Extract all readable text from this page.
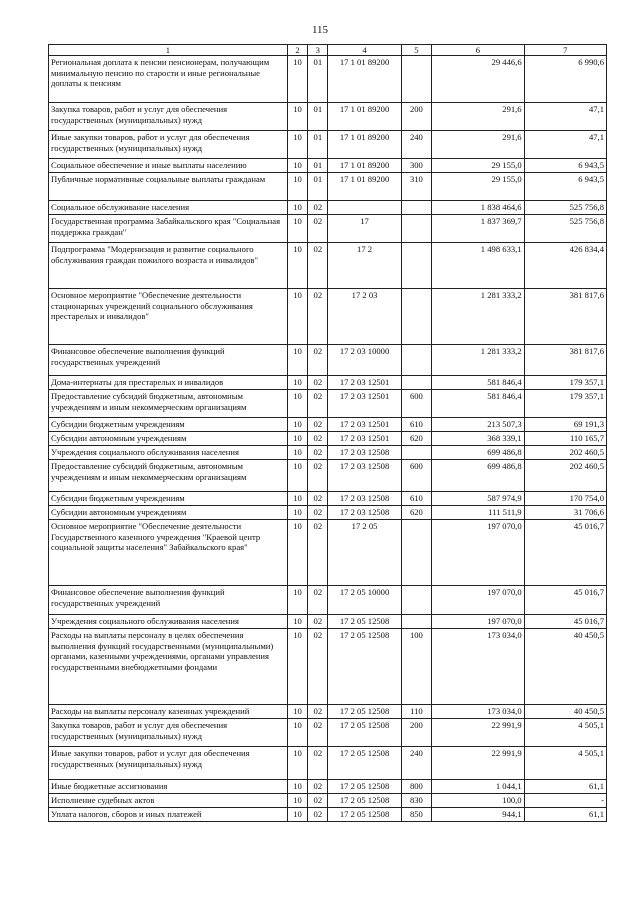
115
1	2	3	4	5	6	7
Региональная доплата к пенсии пенсионерам, получающим минимальную пенсию по старости и иные региональные доплаты к пенсиям	10	01	17 1 01 89200		29 446,6	6 990,6
Закупка товаров, работ и услуг для обеспечения государственных (муниципальных) нужд	10	01	17 1 01 89200	200	291,6	47,1
Иные закупки товаров, работ и услуг для обеспечения государственных (муниципальных) нужд	10	01	17 1 01 89200	240	291,6	47,1
Социальное обеспечение и иные выплаты населению	10	01	17 1 01 89200	300	29 155,0	6 943,5
Публичные нормативные социальные выплаты гражданам	10	01	17 1 01 89200	310	29 155,0	6 943,5
Социальное обслуживание населения	10	02			1 838 464,6	525 756,8
Государственная программа Забайкальского края "Социальная поддержка граждан"	10	02	17		1 837 369,7	525 756,8
Подпрограмма "Модернизация и развитие социального обслуживания граждан пожилого возраста и инвалидов"	10	02	17 2		1 498 633,1	426 834,4
Основное мероприятие "Обеспечение деятельности стационарных учреждений социального обслуживания престарелых и инвалидов"	10	02	17 2 03		1 281 333,2	381 817,6
Финансовое обеспечение выполнения функций государственных учреждений	10	02	17 2 03 10000		1 281 333,2	381 817,6
Дома-интернаты для престарелых и инвалидов	10	02	17 2 03 12501		581 846,4	179 357,1
Предоставление субсидий бюджетным, автономным учреждениям и иным некоммерческим организациям	10	02	17 2 03 12501	600	581 846,4	179 357,1
Субсидии бюджетным учреждениям	10	02	17 2 03 12501	610	213 507,3	69 191,3
Субсидии автономным учреждениям	10	02	17 2 03 12501	620	368 339,1	110 165,7
Учреждения социального обслуживания населения	10	02	17 2 03 12508		699 486,8	202 460,5
Предоставление субсидий бюджетным, автономным учреждениям и иным некоммерческим организациям	10	02	17 2 03 12508	600	699 486,8	202 460,5
Субсидии бюджетным учреждениям	10	02	17 2 03 12508	610	587 974,9	170 754,0
Субсидии автономным учреждениям	10	02	17 2 03 12508	620	111 511,9	31 706,6
Основное мероприятие "Обеспечение деятельности Государственного казенного учреждения "Краевой центр социальной защиты населения" Забайкальского края"	10	02	17 2 05		197 070,0	45 016,7
Финансовое обеспечение выполнения функций государственных учреждений	10	02	17 2 05 10000		197 070,0	45 016,7
Учреждения социального обслуживания населения	10	02	17 2 05 12508		197 070,0	45 016,7
Расходы на выплаты персоналу в целях обеспечения выполнения функций государственными (муниципальными) органами, казенными учреждениями, органами управления государственными внебюджетными фондами	10	02	17 2 05 12508	100	173 034,0	40 450,5
Расходы на выплаты персоналу казенных учреждений	10	02	17 2 05 12508	110	173 034,0	40 450,5
Закупка товаров, работ и услуг для обеспечения государственных (муниципальных) нужд	10	02	17 2 05 12508	200	22 991,9	4 505,1
Иные закупки товаров, работ и услуг для обеспечения государственных (муниципальных) нужд	10	02	17 2 05 12508	240	22 991,9	4 505,1
Иные бюджетные ассигнования	10	02	17 2 05 12508	800	1 044,1	61,1
Исполнение судебных актов	10	02	17 2 05 12508	830	100,0	-
Уплата налогов, сборов и иных платежей	10	02	17 2 05 12508	850	944,1	61,1
